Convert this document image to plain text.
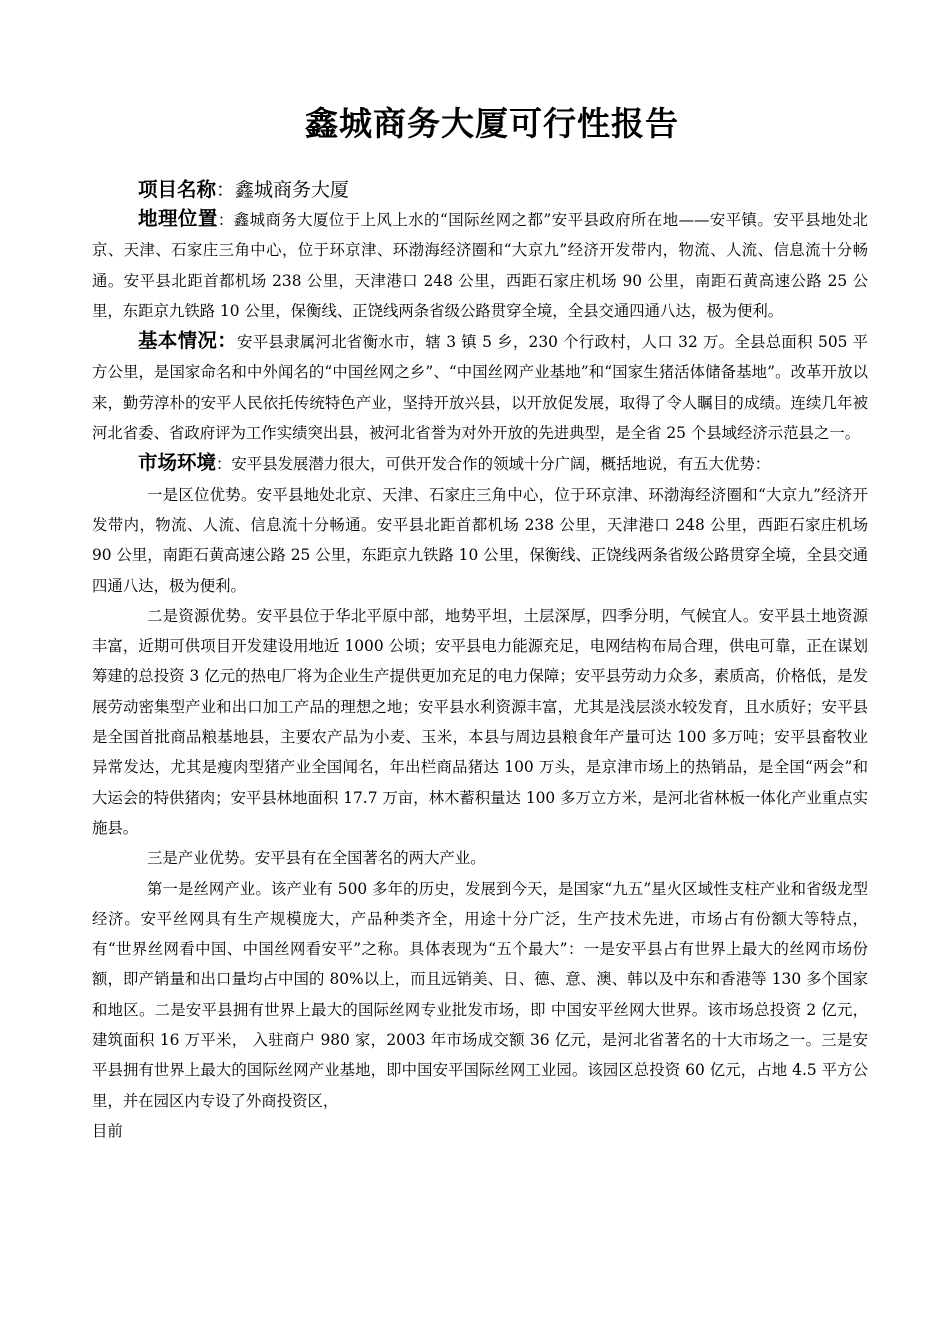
鑫城商务大厦可行性报告
项目名称：鑫城商务大厦

地理位置：鑫城商务大厦位于上风上水的“国际丝网之都”安平县政府所在地——安平镇。安平县地处北京、天津、石家庄三角中心，位于环京津、环渤海经济圈和“大京九”经济开发带内，物流、人流、信息流十分畅通。安平县北距首都机场 238 公里，天津港口 248 公里，西距石家庄机场 90 公里，南距石黄高速公路 25 公里，东距京九铁路 10 公里，保衡线、正饶线两条省级公路贯穿全境，全县交通四通八达，极为便利。

基本情况：安平县隶属河北省衡水市，辖 3 镇 5 乡，230 个行政村，人口 32 万。全县总面积 505 平方公里，是国家命名和中外闻名的“中国丝网之乡”、“中国丝网产业基地”和“国家生猪活体储备基地”。改革开放以来，勤劳淳朴的安平人民依托传统特色产业，坚持开放兴县，以开放促发展，取得了令人瞩目的成绩。连续几年被河北省委、省政府评为工作实绩突出县，被河北省誉为对外开放的先进典型，是全省 25 个县域经济示范县之一。

市场环境：安平县发展潜力很大，可供开发合作的领域十分广阔，概括地说，有五大优势：

一是区位优势。安平县地处北京、天津、石家庄三角中心，位于环京津、环渤海经济圈和“大京九”经济开发带内，物流、人流、信息流十分畅通。安平县北距首都机场 238 公里，天津港口 248 公里，西距石家庄机场 90 公里，南距石黄高速公路 25 公里，东距京九铁路 10 公里，保衡线、正饶线两条省级公路贯穿全境，全县交通四通八达，极为便利。

二是资源优势。安平县位于华北平原中部，地势平坦，土层深厚，四季分明，气候宜人。安平县土地资源丰富，近期可供项目开发建设用地近 1000 公顷；安平县电力能源充足，电网结构布局合理，供电可靠，正在谋划筹建的总投资 3 亿元的热电厂将为企业生产提供更加充足的电力保障；安平县劳动力众多，素质高，价格低，是发展劳动密集型产业和出口加工产品的理想之地；安平县水利资源丰富，尤其是浅层淡水较发育，且水质好；安平县是全国首批商品粮基地县，主要农产品为小麦、玉米，本县与周边县粮食年产量可达 100 多万吨；安平县畜牧业异常发达，尤其是瘦肉型猪产业全国闻名，年出栏商品猪达 100 万头，是京津市场上的热销品，是全国“两会”和大运会的特供猪肉；安平县林地面积 17.7 万亩，林木蓄积量达 100 多万立方米，是河北省林板一体化产业重点实施县。

三是产业优势。安平县有在全国著名的两大产业。

第一是丝网产业。该产业有 500 多年的历史，发展到今天，是国家“九五”星火区域性支柱产业和省级龙型经济。安平丝网具有生产规模庞大，产品种类齐全，用途十分广泛，生产技术先进，市场占有份额大等特点，有“世界丝网看中国、中国丝网看安平”之称。具体表现为“五个最大”：一是安平县占有世界上最大的丝网市场份额，即产销量和出口量均占中国的 80%以上，而且远销美、日、德、意、澳、韩以及中东和香港等 130 多个国家和地区。二是安平县拥有世界上最大的国际丝网专业批发市场，即 中国安平丝网大世界。该市场总投资 2 亿元，建筑面积 16 万平米， 入驻商户 980 家，2003 年市场成交额 36 亿元，是河北省著名的十大市场之一。三是安平县拥有世界上最大的国际丝网产业基地，即中国安平国际丝网工业园。该园区总投资 60 亿元，占地 4.5 平方公里，并在园区内专设了外商投资区，

目前
